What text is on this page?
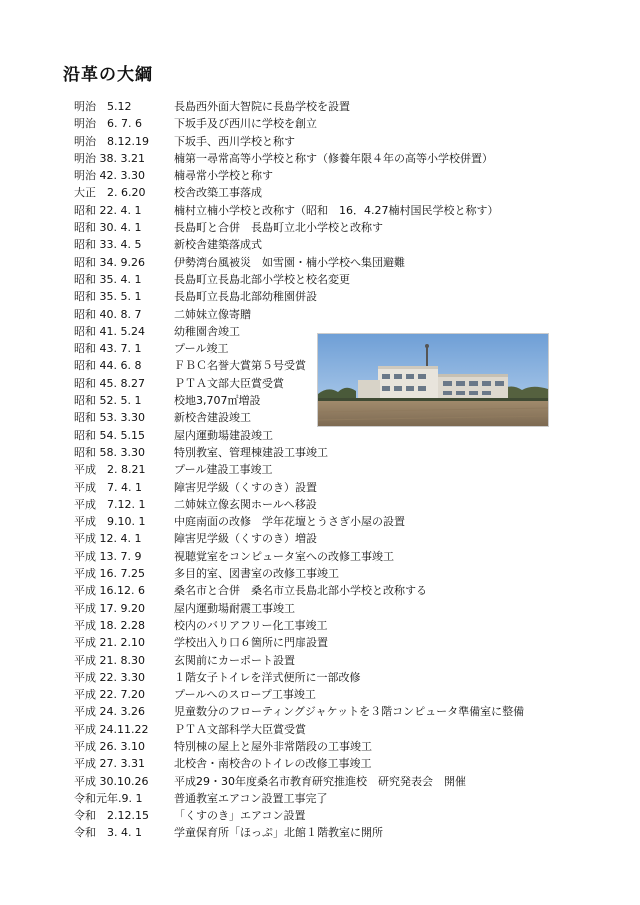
沿革の大綱
明治　5.12	長島西外面大智院に長島学校を設置
明治　6. 7. 6	下坂手及び西川に学校を創立
明治　8.12.19 下坂手、西川学校と称す
明治 38. 3.21	楠第一尋常高等小学校と称す（修養年限４年の高等小学校併置）
明治 42. 3.30	楠尋常小学校と称す
大正　2. 6.20	校舎改築工事落成
昭和 22. 4. 1	楠村立楠小学校と改称す（昭和　16．4.27楠村国民学校と称す）
昭和 30. 4. 1	長島町と合併　長島町立北小学校と改称す
昭和 33. 4. 5	新校舎建築落成式
昭和 34. 9.26	伊勢湾台風被災　如雪園・楠小学校へ集団避難
昭和 35. 4. 1	長島町立長島北部小学校と校名変更
昭和 35. 5. 1	長島町立長島北部幼稚園併設
昭和 40. 8. 7	二姉妹立像寄贈
昭和 41. 5.24	幼稚園舎竣工
昭和 43. 7. 1	プール竣工
昭和 44. 6. 8	ＦＢＣ名誉大賞第５号受賞
昭和 45. 8.27	ＰＴＡ文部大臣賞受賞
昭和 52. 5. 1	校地3,707㎡増設
昭和 53. 3.30	新校舎建設竣工
昭和 54. 5.15	屋内運動場建設竣工
昭和 58. 3.30	特別教室、管理棟建設工事竣工
平成　2. 8.21	プール建設工事竣工
平成　7. 4. 1	障害児学級（くすのき）設置
平成　7.12. 1	二姉妹立像玄関ホールへ移設
平成　9.10. 1	中庭南面の改修　学年花壇とうさぎ小屋の設置
平成 12. 4. 1	障害児学級（くすのき）増設
平成 13. 7. 9	視聴覚室をコンピュータ室への改修工事竣工
平成 16. 7.25	多目的室、図書室の改修工事竣工
平成 16.12. 6	桑名市と合併　桑名市立長島北部小学校と改称する
平成 17. 9.20	屋内運動場耐震工事竣工
平成 18. 2.28	校内のバリアフリー化工事竣工
平成 21. 2.10	学校出入り口６箇所に門扉設置
平成 21. 8.30	玄関前にカーポート設置
平成 22. 3.30	１階女子トイレを洋式便所に一部改修
平成 22. 7.20	プールへのスロープ工事竣工
平成 24. 3.26	児童数分のフローティングジャケットを３階コンピュータ準備室に整備
平成 24.11.22 ＰＴＡ文部科学大臣賞受賞
平成 26. 3.10	特別棟の屋上と屋外非常階段の工事竣工
平成 27. 3.31	北校舎・南校舎のトイレの改修工事竣工
平成 30.10.26 平成29・30年度桑名市教育研究推進校　研究発表会　開催
令和元年.9. 1	普通教室エアコン設置工事完了
令和　2.12.15 「くすのき」エアコン設置
令和　3. 4. 1	学童保育所「ほっぷ」北館１階教室に開所
